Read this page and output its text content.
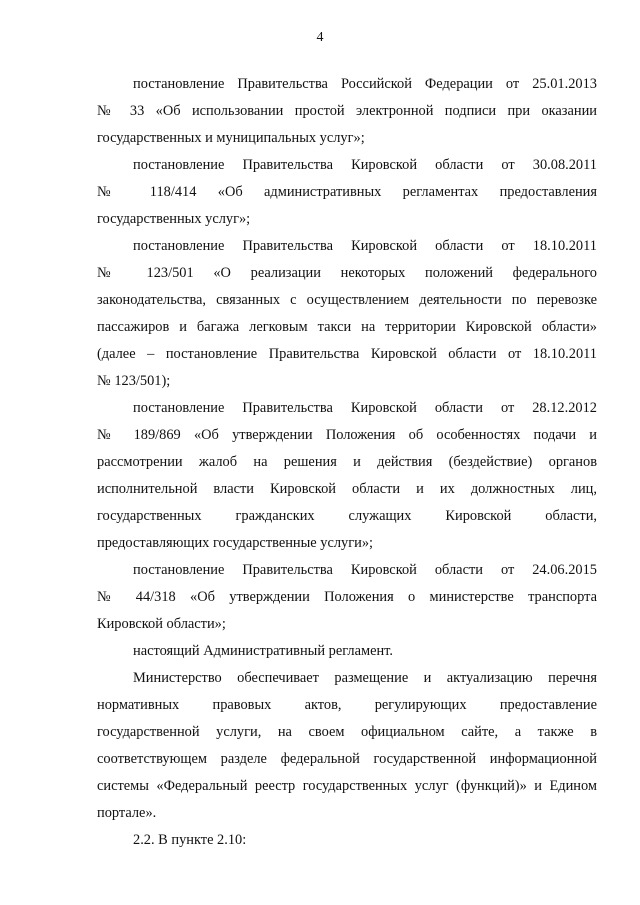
4
постановление Правительства Российской Федерации от 25.01.2013
№ 33 «Об использовании простой электронной подписи при оказании
государственных и муниципальных услуг»;
постановление Правительства Кировской области от 30.08.2011
№ 118/414 «Об административных регламентах предоставления
государственных услуг»;
постановление Правительства Кировской области от 18.10.2011
№ 123/501 «О реализации некоторых положений федерального
законодательства, связанных с осуществлением деятельности по перевозке
пассажиров и багажа легковым такси на территории Кировской области»
(далее – постановление Правительства Кировской области от 18.10.2011
№ 123/501);
постановление Правительства Кировской области от 28.12.2012
№ 189/869 «Об утверждении Положения об особенностях подачи и
рассмотрении жалоб на решения и действия (бездействие) органов
исполнительной власти Кировской области и их должностных лиц,
государственных гражданских служащих Кировской области,
предоставляющих государственные услуги»;
постановление Правительства Кировской области от 24.06.2015
№ 44/318 «Об утверждении Положения о министерстве транспорта
Кировской области»;
настоящий Административный регламент.
Министерство обеспечивает размещение и актуализацию перечня
нормативных правовых актов, регулирующих предоставление
государственной услуги, на своем официальном сайте, а также в
соответствующем разделе федеральной государственной информационной
системы «Федеральный реестр государственных услуг (функций)» и Едином
портале».
2.2. В пункте 2.10:
